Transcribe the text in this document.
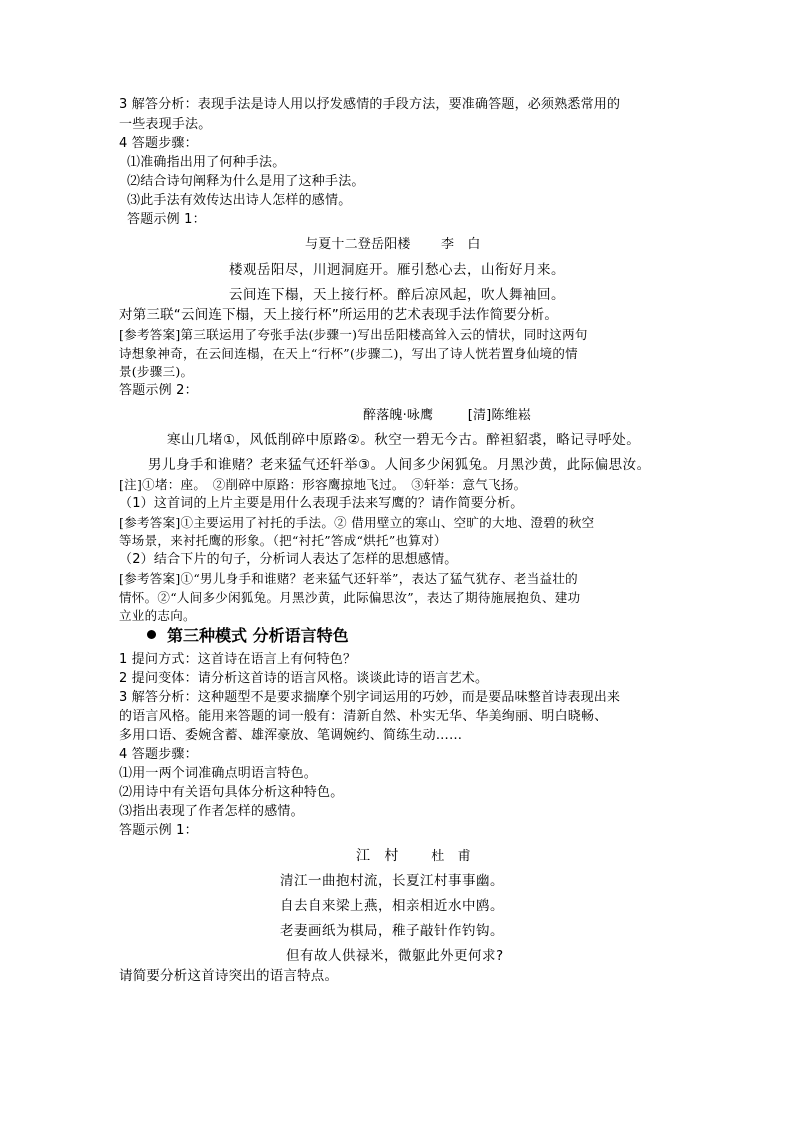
3 解答分析：表现手法是诗人用以抒发感情的手段方法，要准确答题，必须熟悉常用的
一些表现手法。
4 答题步骤：
⑴准确指出用了何种手法。
⑵结合诗句阐释为什么是用了这种手法。
⑶此手法有效传达出诗人怎样的感情。
答题示例 1：
与夏十二登岳阳楼 李　白
楼观岳阳尽，川迥洞庭开。雁引愁心去，山衔好月来。
云间连下榻，天上接行杯。醉后凉风起，吹人舞袖回。
对第三联“云间连下榻，天上接行杯”所运用的艺术表现手法作简要分析。
[参考答案]第三联运用了夸张手法(步骤一)写出岳阳楼高耸入云的情状，同时这两句
诗想象神奇，在云间连榻，在天上“行杯”(步骤二)，写出了诗人恍若置身仙境的情
景(步骤三)。
答题示例 2：
醉落魄·咏鹰	[清]陈维崧
寒山几堵①，风低削碎中原路②。秋空一碧无今古。醉袒貂裘，略记寻呼处。
男儿身手和谁赌？老来猛气还轩举③。人间多少闲狐兔。月黑沙黄，此际偏思汝。
[注]①堵：座。　②削碎中原路：形容鹰掠地飞过。　③轩举：意气飞扬。
（1）这首词的上片主要是用什么表现手法来写鹰的？请作简要分析。
[参考答案]①主要运用了衬托的手法。② 借用壁立的寒山、空旷的大地、澄碧的秋空
等场景，来衬托鹰的形象。（把“衬托”答成“烘托”也算对）
（2）结合下片的句子，分析词人表达了怎样的思想感情。
[参考答案]①“男儿身手和谁赌？老来猛气还轩举”，表达了猛气犹存、老当益壮的
情怀。②“人间多少闲狐兔。月黑沙黄，此际偏思汝”，表达了期待施展抱负、建功
立业的志向。
第三种模式 分析语言特色
1 提问方式：这首诗在语言上有何特色？
2 提问变体：请分析这首诗的语言风格。谈谈此诗的语言艺术。
3 解答分析：这种题型不是要求揣摩个别字词运用的巧妙，而是要品味整首诗表现出来
的语言风格。能用来答题的词一般有：清新自然、朴实无华、华美绚丽、明白晓畅、
多用口语、委婉含蓄、雄浑豪放、笔调婉约、简练生动……
4 答题步骤：
⑴用一两个词准确点明语言特色。
⑵用诗中有关语句具体分析这种特色。
⑶指出表现了作者怎样的感情。
答题示例 1：
江　村	杜　甫
清江一曲抱村流，长夏江村事事幽。
自去自来梁上燕，相亲相近水中鸥。
老妻画纸为棋局，稚子敲针作钓钩。
但有故人供禄米，微躯此外更何求?
请简要分析这首诗突出的语言特点。
